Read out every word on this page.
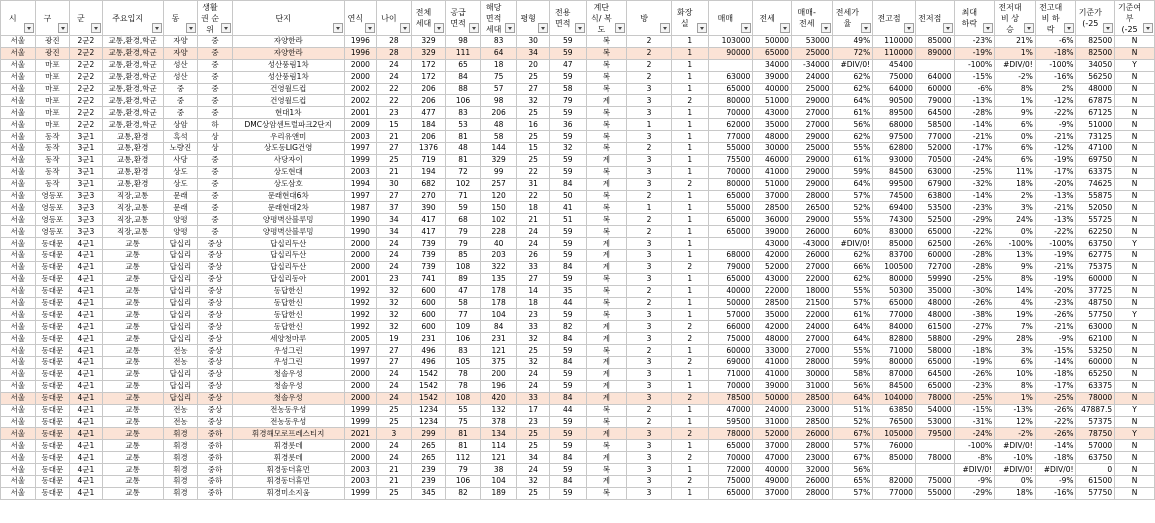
시	구	군	주요입지	동	생활권 순위	단지	연식	나이	전체 세대	공급 면적	해당면적 세대	평형	전용면적	계단식/ 복도	방	화장실	매매	전세	매매-전세	전세가율	전고점	전저점	최대 하락	전저대비 상승	전고대비 하락	기준가 (-25	기준여부 (-25

서울	광진	2군2	교통,환경,학군	자양	중	자양한라	1996	28	329	98	83	30	59	복	2	1	103000	50000	53000	49%	110000	85000	-23%	21%	-6%	82500	N
서울	광진	2군2	교통,환경,학군	자양	중	자양한라	1996	28	329	111	64	34	59	복	2	1	90000	65000	25000	72%	110000	89000	-19%	1%	-18%	82500	N
서울	마포	2군2	교통,환경,학군	성산	중	성산풍림1차	2000	24	172	65	18	20	47	복	2	1		34000	-34000	#DIV/0!	45400		-100%	#DIV/0!	-100%	34050	Y
서울	마포	2군2	교통,환경,학군	성산	중	성산풍림1차	2000	24	172	84	75	25	59	복	2	1	63000	39000	24000	62%	75000	64000	-15%	-2%	-16%	56250	N
서울	마포	2군2	교통,환경,학군	중	중	건영월드컵	2002	22	206	88	57	27	58	복	3	1	65000	40000	25000	62%	64000	60000	-6%	8%	2%	48000	N
서울	마포	2군2	교통,환경,학군	중	중	건영월드컵	2002	22	206	106	98	32	79	계	3	2	80000	51000	29000	64%	90500	79000	-13%	1%	-12%	67875	N
서울	마포	2군2	교통,환경,학군	중	중	현대1차	2001	23	477	83	206	25	59	복	3	1	70000	43000	27000	61%	89500	64500	-28%	9%	-22%	67125	N
서울	마포	2군2	교통,환경,학군	상암	하	DMC상암센트럴파크2단지	2009	15	184	53	48	16	36	복	1	1	62000	35000	27000	56%	68000	58500	-14%	6%	-9%	51000	N
서울	동작	3군1	교통,환경	흑석	상	우리유앤미	2003	21	206	81	58	25	59	복	3	1	77000	48000	29000	62%	97500	77000	-21%	0%	-21%	73125	N
서울	동작	3군1	교통,환경	노량진	상	상도동LIG건영	1997	27	1376	48	144	15	32	복	2	1	55000	30000	25000	55%	62800	52000	-17%	6%	-12%	47100	N
서울	동작	3군1	교통,환경	사당	중	사당자이	1999	25	719	81	329	25	59	계	3	1	75500	46000	29000	61%	93000	70500	-24%	6%	-19%	69750	N
서울	동작	3군1	교통,환경	상도	중	상도현대	2003	21	194	72	99	22	59	복	3	1	70000	41000	29000	59%	84500	63000	-25%	11%	-17%	63375	N
서울	동작	3군1	교통,환경	상도	중	상도삼호	1994	30	682	102	257	31	84	계	3	2	80000	51000	29000	64%	99500	67900	-32%	18%	-20%	74625	N
서울	영등포	3군3	직장,교통	문래	중	문래현대6차	1997	27	270	71	120	22	50	복	2	1	65000	37000	28000	57%	74500	63800	-14%	2%	-13%	55875	N
서울	영등포	3군3	직장,교통	문래	중	문래현대2차	1987	37	390	59	150	18	41	복	1	1	55000	28500	26500	52%	69400	53500	-23%	3%	-21%	52050	N
서울	영등포	3군3	직장,교통	양평	중	양평벽산블루밍	1990	34	417	68	102	21	51	복	2	1	65000	36000	29000	55%	74300	52500	-29%	24%	-13%	55725	N
서울	영등포	3군3	직장,교통	양평	중	양평벽산블루밍	1990	34	417	79	228	24	59	복	2	1	65000	39000	26000	60%	83000	65000	-22%	0%	-22%	62250	N
서울	동대문	4군1	교통	답십리	중상	답십리두산	2000	24	739	79	40	24	59	계	3	1		43000	-43000	#DIV/0!	85000	62500	-26%	-100%	-100%	63750	Y
서울	동대문	4군1	교통	답십리	중상	답십리두산	2000	24	739	85	203	26	59	계	3	1	68000	42000	26000	62%	83700	60000	-28%	13%	-19%	62775	N
서울	동대문	4군1	교통	답십리	중상	답십리두산	2000	24	739	108	322	33	84	계	3	2	79000	52000	27000	66%	100500	72700	-28%	9%	-21%	75375	N
서울	동대문	4군1	교통	답십리	중상	답십리동아	2001	23	741	89	135	27	59	복	3	1	65000	43000	22000	62%	80000	59990	-25%	8%	-19%	60000	N
서울	동대문	4군1	교통	답십리	중상	동답한신	1992	32	600	47	178	14	35	복	2	1	40000	22000	18000	55%	50300	35000	-30%	14%	-20%	37725	N
서울	동대문	4군1	교통	답십리	중상	동답한신	1992	32	600	58	178	18	44	복	2	1	50000	28500	21500	57%	65000	48000	-26%	4%	-23%	48750	N
서울	동대문	4군1	교통	답십리	중상	동답한신	1992	32	600	77	104	23	59	복	3	1	57000	35000	22000	61%	77000	48000	-38%	19%	-26%	57750	Y
서울	동대문	4군1	교통	답십리	중상	동답한신	1992	32	600	109	84	33	82	계	3	2	66000	42000	24000	64%	84000	61500	-27%	7%	-21%	63000	N
서울	동대문	4군1	교통	답십리	중상	세양청마루	2005	19	231	106	231	32	84	계	3	2	75000	48000	27000	64%	82800	58800	-29%	28%	-9%	62100	N
서울	동대문	4군1	교통	전농	중상	우성그린	1997	27	496	83	121	25	59	복	2	1	60000	33000	27000	55%	71000	58000	-18%	3%	-15%	53250	N
서울	동대문	4군1	교통	전농	중상	우성그린	1997	27	496	105	375	32	84	계	3	2	69000	41000	28000	59%	80000	65000	-19%	6%	-14%	60000	N
서울	동대문	4군1	교통	답십리	중상	청솔우성	2000	24	1542	78	200	24	59	계	3	1	71000	41000	30000	58%	87000	64500	-26%	10%	-18%	65250	N
서울	동대문	4군1	교통	답십리	중상	청솔우성	2000	24	1542	78	196	24	59	계	3	1	70000	39000	31000	56%	84500	65000	-23%	8%	-17%	63375	N
서울	동대문	4군1	교통	답십리	중상	청솔우성	2000	24	1542	108	420	33	84	계	3	2	78500	50000	28500	64%	104000	78000	-25%	1%	-25%	78000	N
서울	동대문	4군1	교통	전농	중상	전농동우성	1999	25	1234	55	132	17	44	복	2	1	47000	24000	23000	51%	63850	54000	-15%	-13%	-26%	47887.5	Y
서울	동대문	4군1	교통	전농	중상	전농동우성	1999	25	1234	75	378	23	59	복	2	1	59500	31000	28500	52%	76500	53000	-31%	12%	-22%	57375	N
서울	동대문	4군1	교통	휘경	중하	휘경해모로프레스티지	2021	3	299	81	134	25	59	계	3	2	78000	52000	26000	67%	105000	79500	-24%	-2%	-26%	78750	Y
서울	동대문	4군1	교통	휘경	중하	휘경롯데	2000	24	265	81	114	25	59	복	3	1	65000	37000	28000	57%	76000		-100%	#DIV/0!	-14%	57000	N
서울	동대문	4군1	교통	휘경	중하	휘경롯데	2000	24	265	112	121	34	84	계	3	2	70000	47000	23000	67%	85000	78000	-8%	-10%	-18%	63750	N
서울	동대문	4군1	교통	휘경	중하	휘경동더휴먼	2003	21	239	79	38	24	59	복	3	1	72000	40000	32000	56%			#DIV/0!	#DIV/0!	#DIV/0!	0	N
서울	동대문	4군1	교통	휘경	중하	휘경동더휴먼	2003	21	239	106	104	32	84	계	3	2	75000	49000	26000	65%	82000	75000	-9%	0%	-9%	61500	N
서울	동대문	4군1	교통	휘경	중하	휘경미소지움	1999	25	345	82	189	25	59	복	3	1	65000	37000	28000	57%	77000	55000	-29%	18%	-16%	57750	N
